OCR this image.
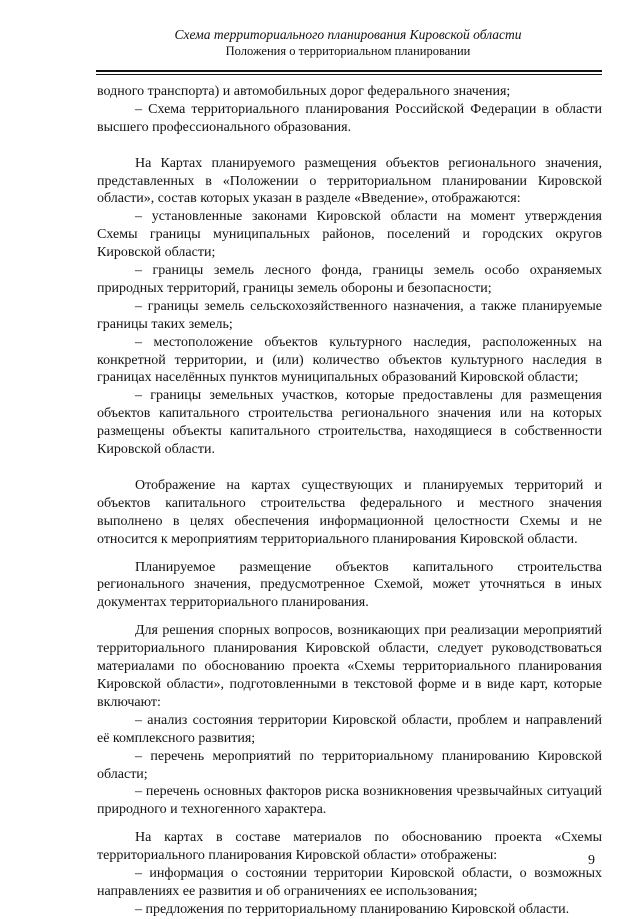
Схема территориального планирования Кировской области
Положения о территориальном планировании

водного транспорта) и автомобильных дорог федерального значения;

– Схема территориального планирования Российской Федерации в области высшего профессионального образования.

На Картах планируемого размещения объектов регионального значения, представленных в «Положении о территориальном планировании Кировской области», состав которых указан в разделе «Введение», отображаются:

– установленные законами Кировской области на момент утверждения Схемы границы муниципальных районов, поселений и городских округов Кировской области;

– границы земель лесного фонда, границы земель особо охраняемых природных территорий, границы земель обороны и безопасности;

– границы земель сельскохозяйственного назначения, а также планируемые границы таких земель;

– местоположение объектов культурного наследия, расположенных на конкретной территории, и (или) количество объектов культурного наследия в границах населённых пунктов муниципальных образований Кировской области;

– границы земельных участков, которые предоставлены для размещения объектов капитального строительства регионального значения или на которых размещены объекты капитального строительства, находящиеся в собственности Кировской области.

Отображение на картах существующих и планируемых территорий и объектов капитального строительства федерального и местного значения выполнено в целях обеспечения информационной целостности Схемы и не относится к мероприятиям территориального планирования Кировской области.

Планируемое размещение объектов капитального строительства регионального значения, предусмотренное Схемой, может уточняться в иных документах территориального планирования.

Для решения спорных вопросов, возникающих при реализации мероприятий территориального планирования Кировской области, следует руководствоваться материалами по обоснованию проекта «Схемы территориального планирования Кировской области», подготовленными в текстовой форме и в виде карт, которые включают:

– анализ состояния территории Кировской области, проблем и направлений её комплексного развития;

– перечень мероприятий по территориальному планированию Кировской области;

– перечень основных факторов риска возникновения чрезвычайных ситуаций природного и техногенного характера.

На картах в составе материалов по обоснованию проекта «Схемы территориального планирования Кировской области» отображены:

– информация о состоянии территории Кировской области, о возможных направлениях ее развития и об ограничениях ее использования;

– предложения по территориальному планированию Кировской области.

9
